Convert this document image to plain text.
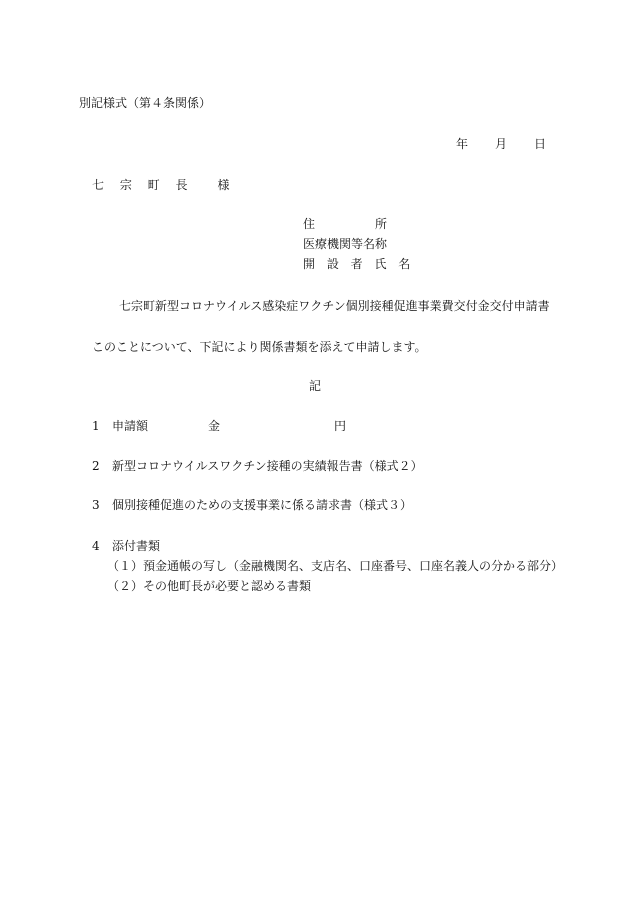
別記様式（第４条関係）
年 月 日
七 宗 町 長 様
住	所
医療機関等名称
開 設 者 氏 名
七宗町新型コロナウイルス感染症ワクチン個別接種促進事業費交付金交付申請書
このことについて、下記により関係書類を添えて申請します。
記
1 申請額	金	円
2 新型コロナウイルスワクチン接種の実績報告書（様式２）
3 個別接種促進のための支援事業に係る請求書（様式３）
4 添付書類
（１）預金通帳の写し（金融機関名、支店名、口座番号、口座名義人の分かる部分）
（２）その他町長が必要と認める書類
